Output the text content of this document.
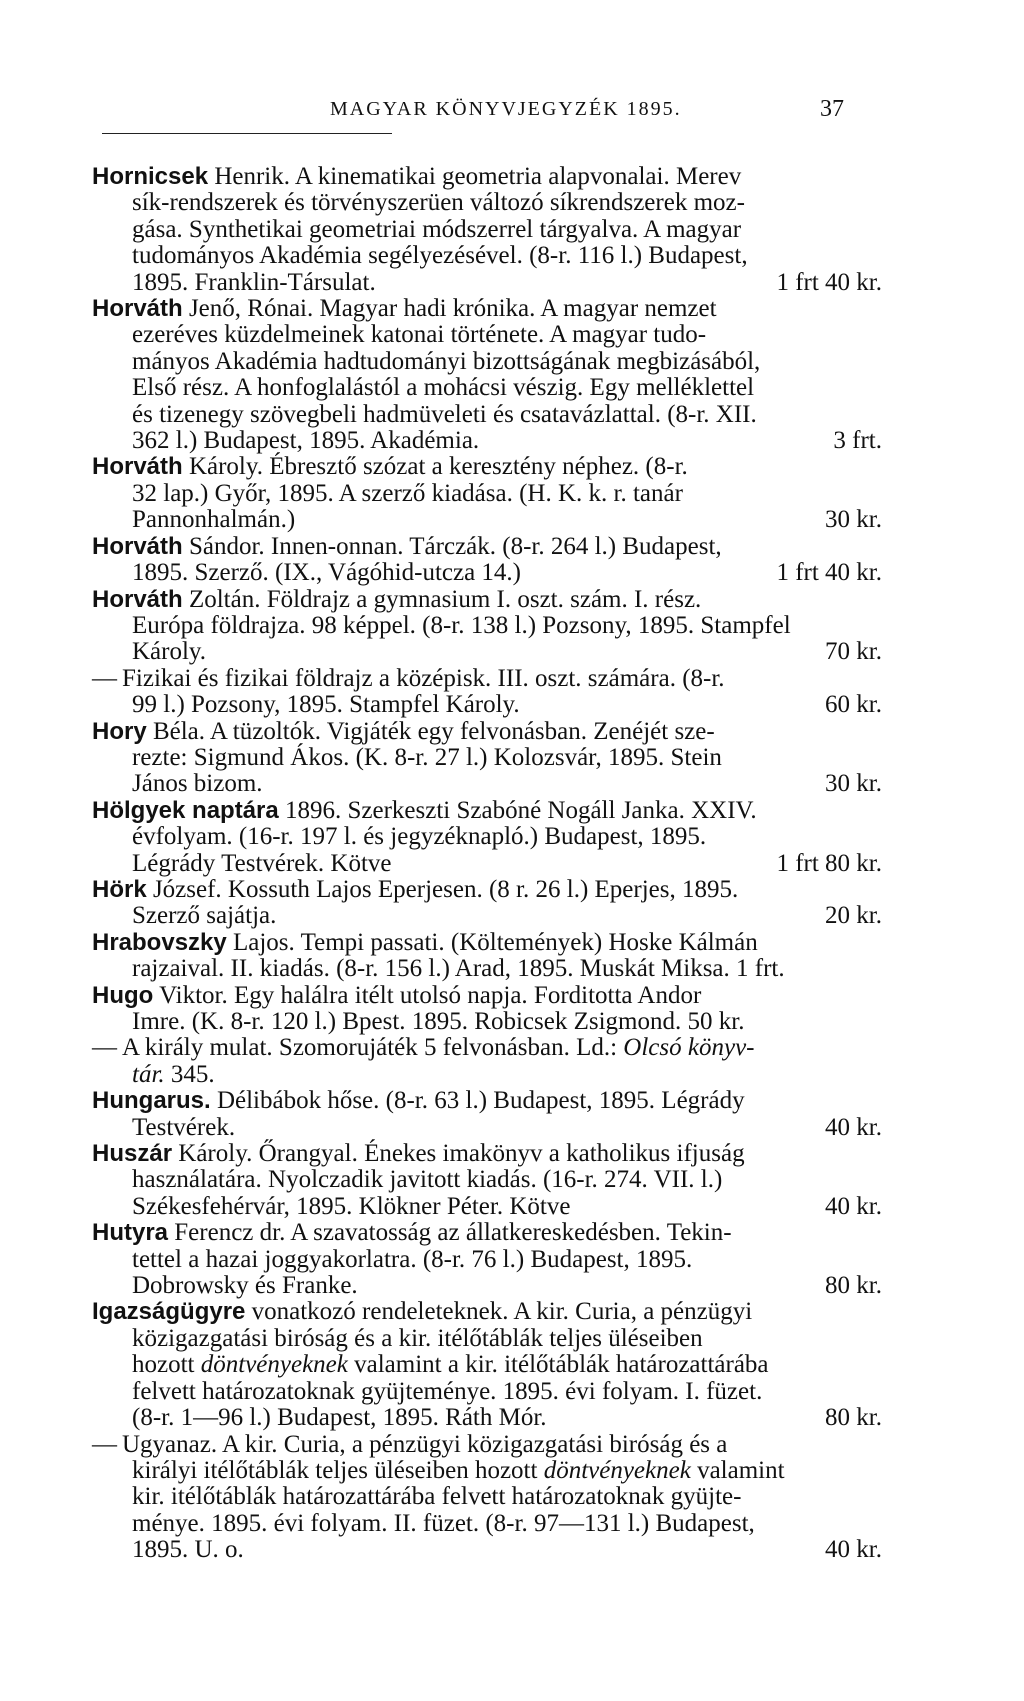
MAGYAR KÖNYVJEGYZÉK 1895.	37
Hornicsek Henrik. A kinematikai geometria alapvonalai. Merev
sík-rendszerek és törvényszerüen változó síkrendszerek moz-
gása. Synthetikai geometriai módszerrel tárgyalva. A magyar
tudományos Akadémia segélyezésével. (8-r. 116 l.) Budapest,
1895. Franklin-Társulat.	1 frt 40 kr.
Horváth Jenő, Rónai. Magyar hadi krónika. A magyar nemzet
ezeréves küzdelmeinek katonai története. A magyar tudo-
mányos Akadémia hadtudományi bizottságának megbizásából,
Első rész. A honfoglalástól a mohácsi vészig. Egy melléklettel
és tizenegy szövegbeli hadmüveleti és csatavázlattal. (8-r. XII.
362 l.) Budapest, 1895. Akadémia.	3 frt.
Horváth Károly. Ébresztő szózat a keresztény néphez. (8-r.
32 lap.) Győr, 1895. A szerző kiadása. (H. K. k. r. tanár
Pannonhalmán.)	30 kr.
Horváth Sándor. Innen-onnan. Tárczák. (8-r. 264 l.) Budapest,
1895. Szerző. (IX., Vágóhid-utcza 14.)	1 frt 40 kr.
Horváth Zoltán. Földrajz a gymnasium I. oszt. szám. I. rész.
Európa földrajza. 98 képpel. (8-r. 138 l.) Pozsony, 1895. Stampfel
Károly.	70 kr.
— Fizikai és fizikai földrajz a középisk. III. oszt. számára. (8-r.
99 l.) Pozsony, 1895. Stampfel Károly.	60 kr.
Hory Béla. A tüzoltók. Vigjáték egy felvonásban. Zenéjét sze-
rezte: Sigmund Ákos. (K. 8-r. 27 l.) Kolozsvár, 1895. Stein
János bizom.	30 kr.
Hölgyek naptára 1896. Szerkeszti Szabóné Nogáll Janka. XXIV.
évfolyam. (16-r. 197 l. és jegyzéknapló.) Budapest, 1895.
Légrády Testvérek. Kötve	1 frt 80 kr.
Hörk József. Kossuth Lajos Eperjesen. (8 r. 26 l.) Eperjes, 1895.
Szerző sajátja.	20 kr.
Hrabovszky Lajos. Tempi passati. (Költemények) Hoske Kálmán
rajzaival. II. kiadás. (8-r. 156 l.) Arad, 1895. Muskát Miksa. 1 frt.
Hugo Viktor. Egy halálra itélt utolsó napja. Forditotta Andor
Imre. (K. 8-r. 120 l.) Bpest. 1895. Robicsek Zsigmond. 50 kr.
— A király mulat. Szomorujáték 5 felvonásban. Ld.: Olcsó könyv-
tár. 345.
Hungarus. Délibábok hőse. (8-r. 63 l.) Budapest, 1895. Légrády
Testvérek.	40 kr.
Huszár Károly. Őrangyal. Énekes imakönyv a katholikus ifjuság
használatára. Nyolczadik javitott kiadás. (16-r. 274. VII. l.)
Székesfehérvár, 1895. Klökner Péter. Kötve	40 kr.
Hutyra Ferencz dr. A szavatosság az állatkereskedésben. Tekin-
tettel a hazai joggyakorlatra. (8-r. 76 l.) Budapest, 1895.
Dobrowsky és Franke.	80 kr.
Igazságügyre vonatkozó rendeleteknek. A kir. Curia, a pénzügyi
közigazgatási biróság és a kir. itélőtáblák teljes üléseiben
hozott döntvényeknek valamint a kir. itélőtáblák határozattárába
felvett határozatoknak gyüjteménye. 1895. évi folyam. I. füzet.
(8-r. 1—96 l.) Budapest, 1895. Ráth Mór.	80 kr.
— Ugyanaz. A kir. Curia, a pénzügyi közigazgatási biróság és a
királyi itélőtáblák teljes üléseiben hozott döntvényeknek valamint
kir. itélőtáblák határozattárába felvett határozatoknak gyüjte-
ménye. 1895. évi folyam. II. füzet. (8-r. 97—131 l.) Budapest,
1895. U. o.	40 kr.
